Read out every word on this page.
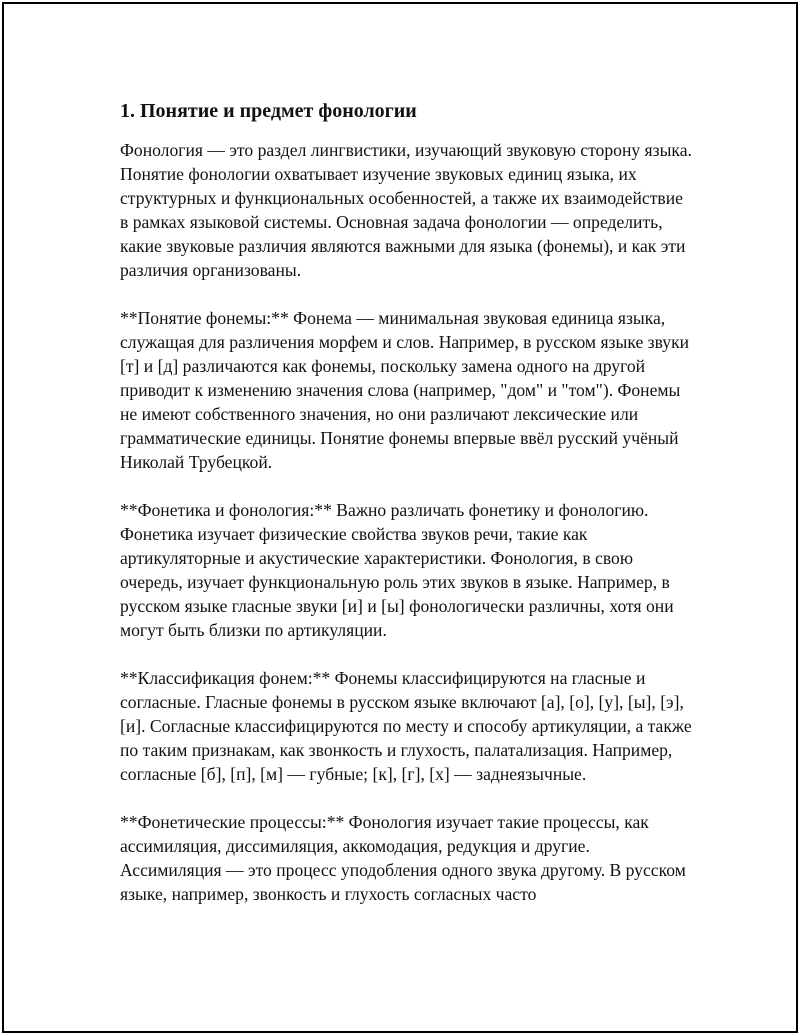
1. Понятие и предмет фонологии

Фонология — это раздел лингвистики, изучающий звуковую сторону языка. Понятие фонологии охватывает изучение звуковых единиц языка, их структурных и функциональных особенностей, а также их взаимодействие в рамках языковой системы. Основная задача фонологии — определить, какие звуковые различия являются важными для языка (фонемы), и как эти различия организованы.

**Понятие фонемы:** Фонема — минимальная звуковая единица языка, служащая для различения морфем и слов. Например, в русском языке звуки [т] и [д] различаются как фонемы, поскольку замена одного на другой приводит к изменению значения слова (например, "дом" и "том"). Фонемы не имеют собственного значения, но они различают лексические или грамматические единицы. Понятие фонемы впервые ввёл русский учёный Николай Трубецкой.

**Фонетика и фонология:** Важно различать фонетику и фонологию. Фонетика изучает физические свойства звуков речи, такие как артикуляторные и акустические характеристики. Фонология, в свою очередь, изучает функциональную роль этих звуков в языке. Например, в русском языке гласные звуки [и] и [ы] фонологически различны, хотя они могут быть близки по артикуляции.

**Классификация фонем:** Фонемы классифицируются на гласные и согласные. Гласные фонемы в русском языке включают [а], [о], [у], [ы], [э], [и]. Согласные классифицируются по месту и способу артикуляции, а также по таким признакам, как звонкость и глухость, палатализация. Например, согласные [б], [п], [м] — губные; [к], [г], [х] — заднеязычные.

**Фонетические процессы:** Фонология изучает такие процессы, как ассимиляция, диссимиляция, аккомодация, редукция и другие. Ассимиляция — это процесс уподобления одного звука другому. В русском языке, например, звонкость и глухость согласных часто
